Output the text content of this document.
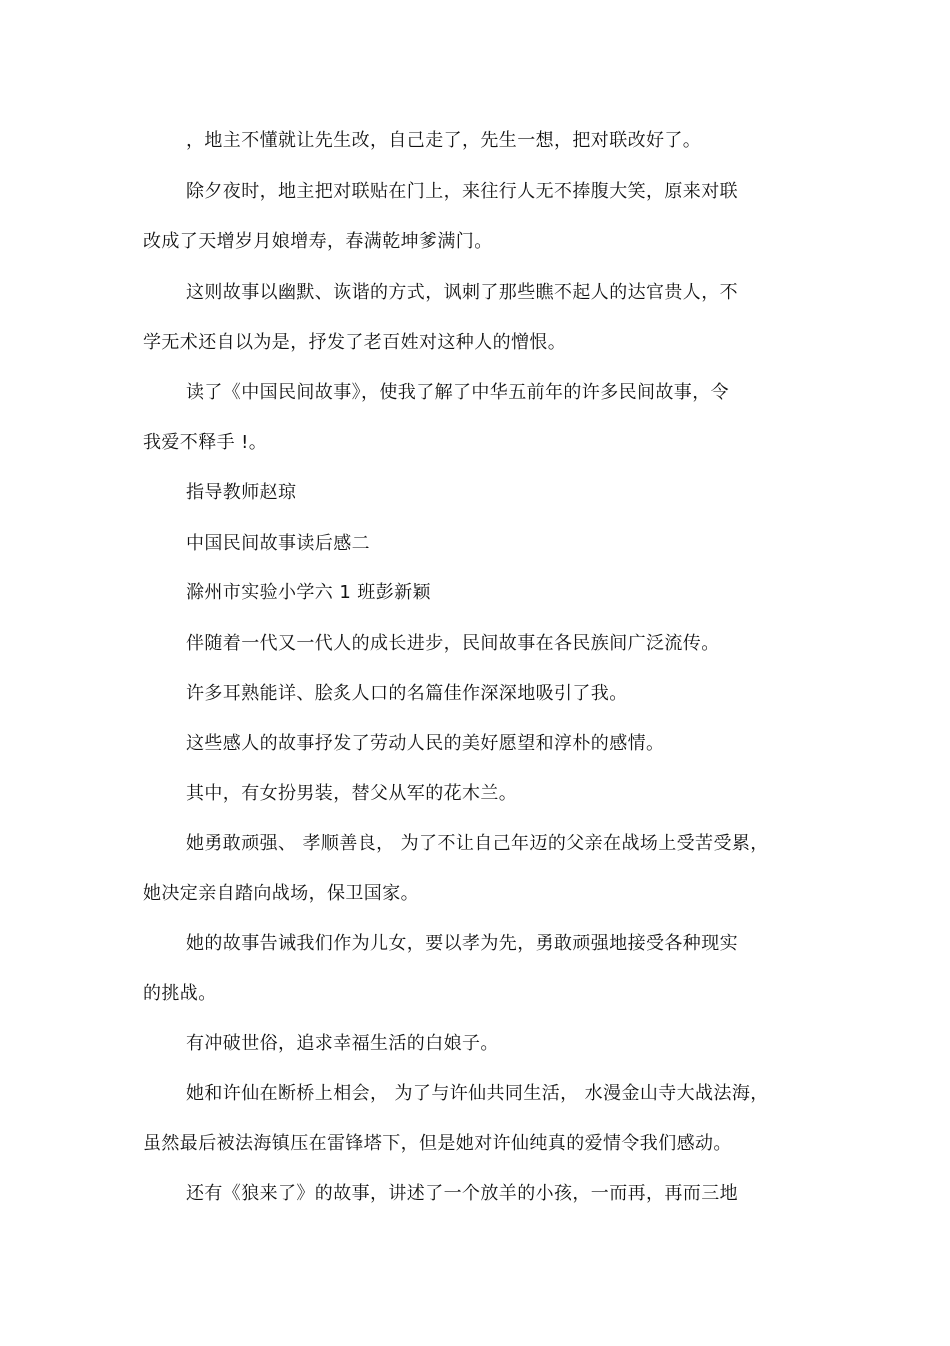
，地主不懂就让先生改，自己走了，先生一想，把对联改好了。
除夕夜时，地主把对联贴在门上，来往行人无不捧腹大笑，原来对联
改成了天增岁月娘增寿，春满乾坤爹满门。
这则故事以幽默、诙谐的方式，讽刺了那些瞧不起人的达官贵人，不
学无术还自以为是，抒发了老百姓对这种人的憎恨。
读了《中国民间故事》，使我了解了中华五前年的许多民间故事，令
我爱不释手 !。
指导教师赵琼
中国民间故事读后感二
滁州市实验小学六 1 班彭新颖
伴随着一代又一代人的成长进步，民间故事在各民族间广泛流传。
许多耳熟能详、脍炙人口的名篇佳作深深地吸引了我。
这些感人的故事抒发了劳动人民的美好愿望和淳朴的感情。
其中，有女扮男装，替父从军的花木兰。
她勇敢顽强、 孝顺善良， 为了不让自己年迈的父亲在战场上受苦受累，
她决定亲自踏向战场，保卫国家。
她的故事告诫我们作为儿女，要以孝为先，勇敢顽强地接受各种现实
的挑战。
有冲破世俗，追求幸福生活的白娘子。
她和许仙在断桥上相会， 为了与许仙共同生活， 水漫金山寺大战法海，
虽然最后被法海镇压在雷锋塔下，但是她对许仙纯真的爱情令我们感动。
还有《狼来了》的故事，讲述了一个放羊的小孩，一而再，再而三地
